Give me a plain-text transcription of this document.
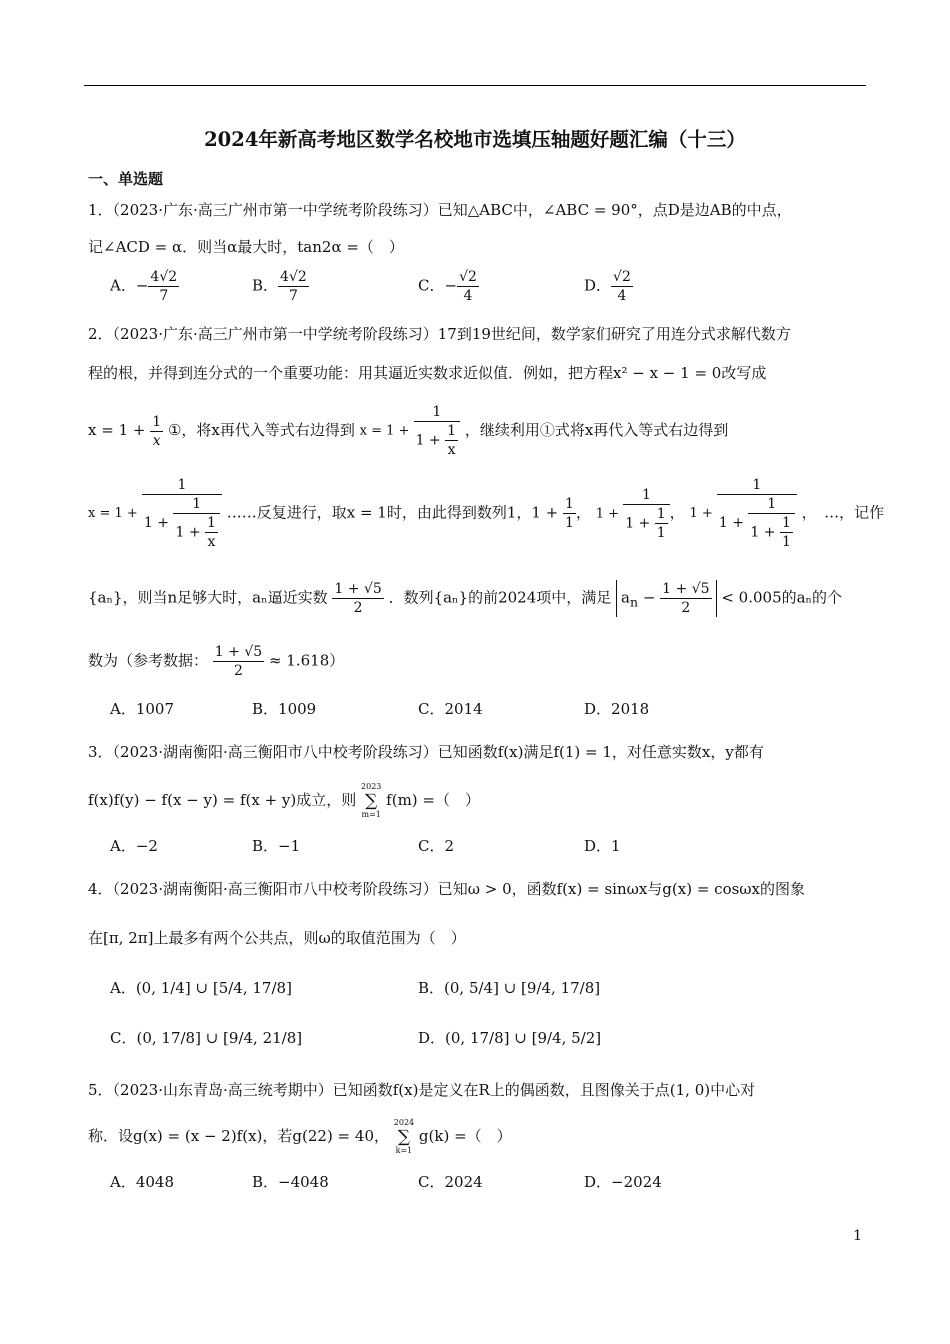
2024年新高考地区数学名校地市选填压轴题好题汇编（十三）
一、单选题
1．（2023·广东·高三广州市第一中学统考阶段练习）已知△ABC中，∠ABC = 90°，点D是边AB的中点，
记∠ACD = α．则当α最大时，tan2α =（　）
A．− $\frac{4√2}{7}$	B． $\frac{4√2}{7}$	C．− $\frac{√2}{4}$	D． $\frac{√2}{4}$
2．（2023·广东·高三广州市第一中学统考阶段练习）17到19世纪间，数学家们研究了用连分式求解代数方
程的根，并得到连分式的一个重要功能：用其逼近实数求近似值．例如，把方程x² − x − 1 = 0改写成
$x = 1 + \frac{1}{x}$ ①，将x再代入等式右边得到 $x = 1 + \frac{1}{1 + \frac{1}{x}}$ ，继续利用①式将x再代入等式右边得到
$x = 1 + \frac{1}{1 + \frac{1}{1 + \frac{1}{x}}}$ ……反复进行，取x = 1时，由此得到数列1，$1 + \frac{1}{1}$ ， $1 + \frac{1}{1 + \frac{1}{1}}$ ， $1 + \frac{1}{1 + \frac{1}{1 + \frac{1}{1}}}$ ，　…，记作
{aₙ}，则当n足够大时，aₙ逼近实数 $\frac{1 + √5}{2}$ ．数列{aₙ}的前2024项中，满足 $a_n - \frac{1 + √5}{2} < 0.005$的aₙ的个
数为（参考数据： $\frac{1 + √5}{2} \approx 1.618$）
A．1007	B．1009	C．2014	D．2018
3．（2023·湖南衡阳·高三衡阳市八中校考阶段练习）已知函数f(x)满足f(1) = 1，对任意实数x，y都有
f(x)f(y) − f(x − y) = f(x + y)成立，则
2023
∑
m=1
f(m) =（　）
A．−2	B．−1	C．2	D．1
4．（2023·湖南衡阳·高三衡阳市八中校考阶段练习）已知ω > 0，函数f(x) = sinωx与g(x) = cosωx的图象
在[π, 2π]上最多有两个公共点，则ω的取值范围为（　）
A．(0, 1/4] ∪ [5/4, 17/8]	B．(0, 5/4] ∪ [9/4, 17/8]
C．(0, 17/8] ∪ [9/4, 21/8]	D．(0, 17/8] ∪ [9/4, 5/2]
5．（2023·山东青岛·高三统考期中）已知函数f(x)是定义在R上的偶函数，且图像关于点(1, 0)中心对
称．设g(x) = (x − 2)f(x)，若g(22) = 40，
2024
∑
k=1
g(k) =（　）
A．4048	B．−4048	C．2024	D．−2024
1
